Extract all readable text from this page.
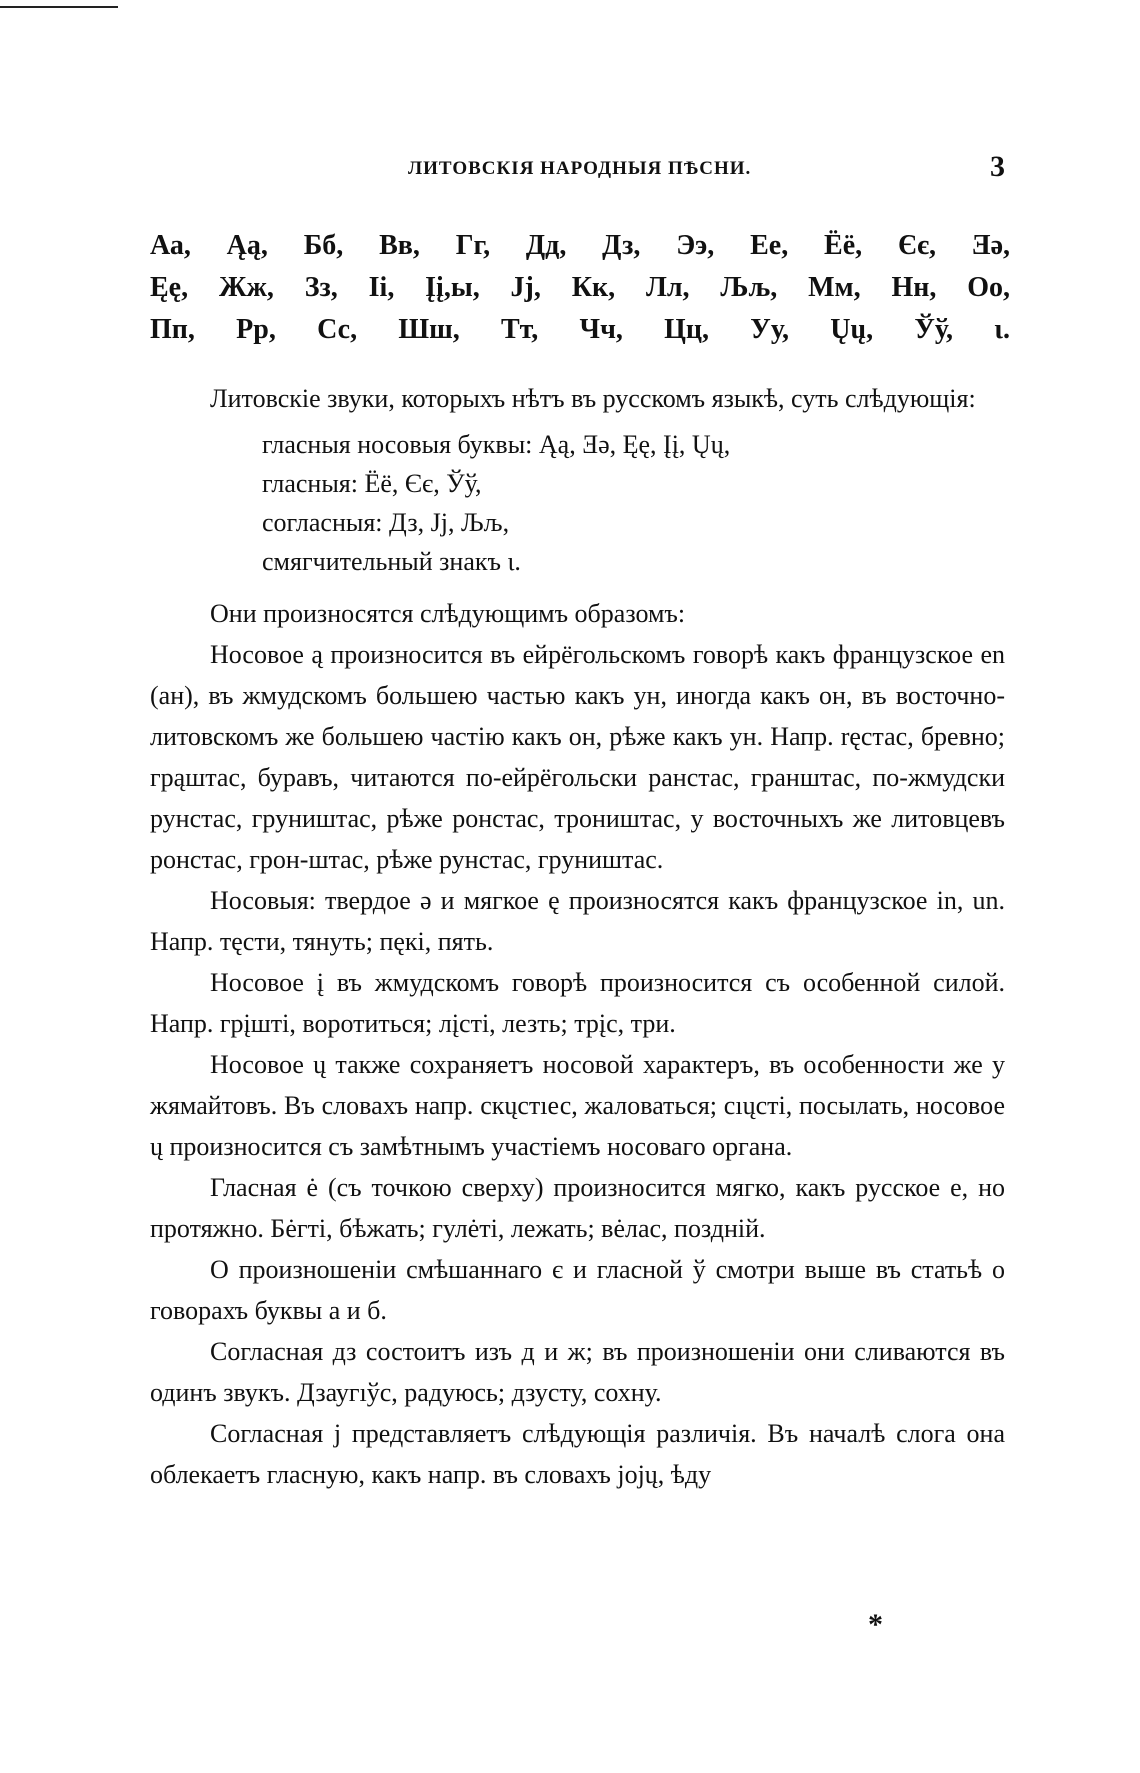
ЛИТОВСКІЯ НАРОДНЫЯ ПѢСНИ.	3
Аа, Ąą, Бб, Вв, Гг, Дд, Дз, Ээ, Ее, Ёё, Єє, Ǝə,
Ęę, Жж, Зз, Іі, Įį,ы, Јј, Кк, Лл, Љљ, Мм, Нн, Оо,
Пп, Рр, Сс, Шш, Тт, Чч, Цц, Уу, Ųų, Ўў, ι.

Литовскіе звуки, которыхъ нѣтъ въ русскомъ языкѣ, суть слѣдующія:

гласныя носовыя буквы: Ąą, Ǝə, Ęę, Įį, Ųų,
гласныя: Ёё, Єє, Ўў,
согласныя: Дз, Јј, Љљ,
смягчительный знакъ ι.

Они произносятся слѣдующимъ образомъ:

Носовое ą произносится въ ейрёгольскомъ говорѣ какъ французское en (ан), въ жмудскомъ большею частью какъ ун, иногда какъ он, въ восточно-литовскомъ же большею частію какъ он, рѣже какъ ун. Напр. ręстас, бревно; грąштас, буравъ, читаются по-ейрёгольски ранстас, гранштас, по-жмудски рунстас, груништас, рѣже ронстас, троништас, у восточныхъ же литовцевъ ронстас, грон-штас, рѣже рунстас, груништас.

Носовыя: твердое ə и мягкое ę произносятся какъ французское in, un. Напр. тęсти, тянуть; пęкі, пять.

Носовое į въ жмудскомъ говорѣ произносится съ особенной силой. Напр. грįшті, воротиться; лįсті, лезть; трįс, три.

Носовое ų также сохраняетъ носовой характеръ, въ особенности же у жямайтовъ. Въ словахъ напр. скųстıес, жаловаться; сıųсті, посылать, носовое ų произносится съ замѣтнымъ участіемъ носоваго органа.

Гласная ė (съ точкою сверху) произносится мягко, какъ русское е, но протяжно. Бėгті, бѣжать; гулėті, лежать; вėлас, поздній.

О произношеніи смѣшаннаго є и гласной ў смотри выше въ статьѣ о говорахъ буквы а и б.

Согласная дз состоитъ изъ д и ж; въ произношеніи они сливаются въ одинъ звукъ. Дзаугıўс, радуюсь; дзусту, сохну.

Согласная ј представляетъ слѣдующія различія. Въ началѣ слога она облекаетъ гласную, какъ напр. въ словахъ јојų, ѣду

*
